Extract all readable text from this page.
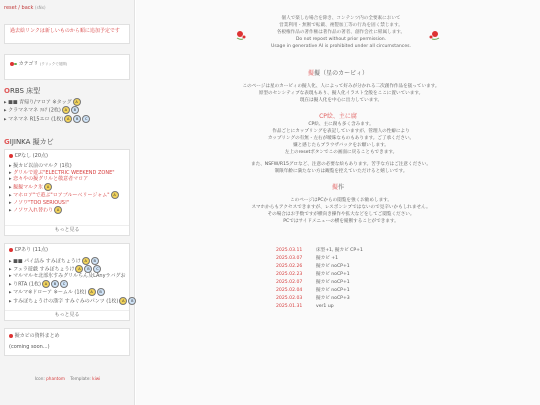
reset / back (sNx)
過去絵リンクは新しいものから順に追加予定です
カテゴリ (クリックで展開)
ORBS 床型
▸ ■■ 青帰り/マロア ※タッグ A
▸ クラマネマネ ｿﾙｱ (2枚) A B
▸ マネマネ R15エロ (1枚) A B C
GIJINKA 擬カビ
CPなし (20点)
▸ 擬カビ以前のマルク (1枚)
▸ グリルで遊ぶ"ELECTRIC WEEKEND ZONE"
▸ 恋々やの擬グリルと敬意者マロア
▸ 擬擬マルク氷 A
▸ マホロア"で遊ぶ"ロアブルーベリージャム" A
▸ ノソワ"TOO SERIOUS!"
▸ ノソワ入れ替わり A
もっと見る
CPあり (11点)
▸ ■■ パイ詰み すみぽちょうけ A B
▸ フェラ遊戯 すみぽちょうけ A B C
▸ マルマルセ北部氷すみグリルちん及LAnyラバグお
▸ りRTA (1枚) A B C
▸ マルマ※ドローア ※ームル (1枚) A B
▸ すみぽちょうけの漢字 すみぐみのパンツ (1枚) A B
もっと見る
擬カビの資料まとめ
(coming soon...)
Icon: phantom Template: kiwi
個人で楽しむ場合を除き、コンテンツ内の全要素において
営業利用・無断で転載、複製加工等の行為を固く禁じます。
各板権作品の著作権は著作品の著者、創作会社に帰属します。
Do not repost without prior permission.
Usage in generative AI is prohibited under all circumstances.
擬擬（星のカービィ）
このページは星のカービィの擬人化、人によって好みが分かれる二次創作作品を扱っています。
原型のセンシティブな表現もあり、擬人化イラスト全般をここに置いています。
現在は擬人化を中心に出力しています。
CP絵、主に腐
CP絵、主に腐も多く含みます。
作品ごとにカップリングを表記していますが、管理人の性癖により
カップリングの有無・左右が曖昧なものもあります。ご了承ください。
嫌と感じたらブラウザバックをお願いします。
左上のresetボタンでこの画面に戻ることもできます。
また、NSFW/R15グロなど、注意の必要な絵もあります。苦手な方はご注意ください。
制限年齢に満たない方は観覧を控えていただけると嬉しいです。
擬作
このページはPCからの閲覧を強くお勧めします。
スマホからもアクセスできますが、レスポンシブではないので見辛いかもしれません。
その場合はお手数ですが横向き操作や拡大などをしてご閲覧ください。
PCではサイドメニューの横を縦断することができます。
2025.03.11	床型+1, 擬カビ CP+1
2025.03.07	擬カビ +1
2025.02.26	擬カビ noCP+1
2025.02.23	擬カビ noCP+1
2025.02.07	擬カビ noCP+1
2025.02.04	擬カビ noCP+1
2025.02.03	擬カビ noCP+3
2025.01.31	ver1 up
